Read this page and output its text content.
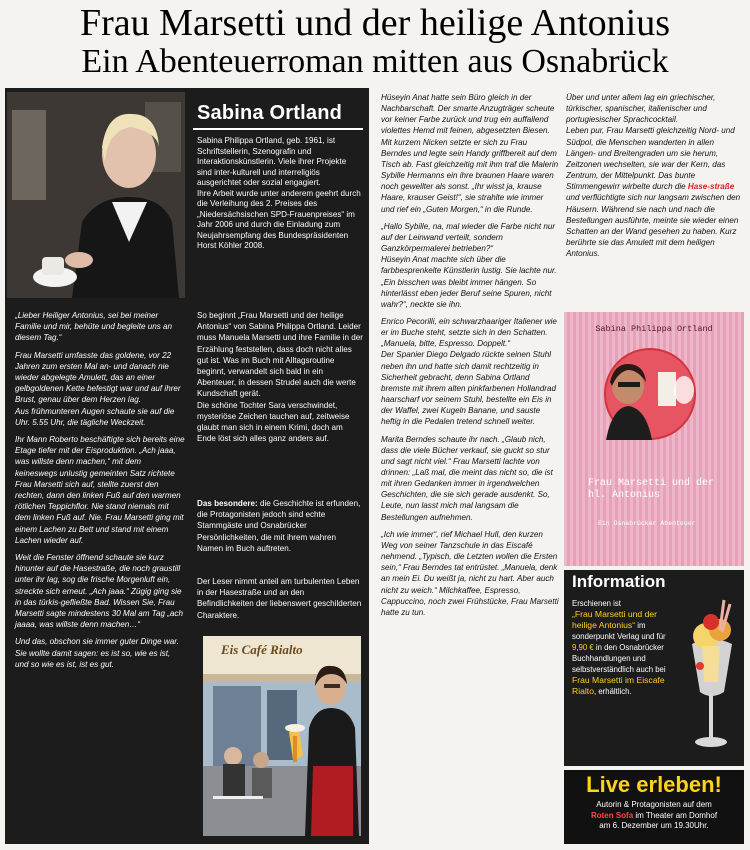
Frau Marsetti und der heilige Antonius
Ein Abenteuerroman mitten aus Osnabrück
Sabina Ortland

Sabina Philippa Ortland, geb. 1961, ist Schriftstellerin, Szenografin und Interaktionskünstlerin. Viele ihrer Projekte sind inter-kulturell und interreligiös ausgerichtet oder sozial engagiert.

Ihre Arbeit wurde unter anderem geehrt durch die Verleihung des 2. Preises des „Niedersächsischen SPD-Frauenpreises“ im Jahr 2006 und durch die Einladung zum Neujahrsempfang des Bundespräsidenten Horst Köhler 2008.

„Lieber Heiliger Antonius, sei bei meiner Familie und mir, behüte und begleite uns an diesem Tag.“

Frau Marsetti umfasste das goldene, vor 22 Jahren zum ersten Mal an- und danach nie wieder abgelegte Amulett, das an einer gelbgoldenen Kette befestigt war und auf ihrer Brust, genau über dem Herzen lag.

Aus frühmunteren Augen schaute sie auf die Uhr. 5.55 Uhr, die tägliche Weckzeit.

Ihr Mann Roberto beschäftigte sich bereits eine Etage tiefer mit der Eisproduktion. „Ach jaaa, was willste denn machen,“ mit dem keineswegs unlustig gemeinten Satz richtete Frau Marsetti sich auf, stellte zuerst den rechten, dann den linken Fuß auf den warmen rötlichen Teppichflor. Nie stand niemals mit dem linken Fuß auf. Nie. Frau Marsetti ging mit einem Lachen zu Bett und stand mit einem Lachen wieder auf.

Weit die Fenster öffnend schaute sie kurz hinunter auf die Hasestraße, die noch graustill unter ihr lag, sog die frische Morgenluft ein, streckte sich erneut. „Ach jaaa.“ Zügig ging sie in das türkis-gefließte Bad. Wissen Sie, Frau Marsetti sagte mindestens 30 Mal am Tag „ach jaaaa, was willste denn machen…“

Und das, obschon sie immer guter Dinge war. Sie wollte damit sagen: es ist so, wie es ist, und so wie es ist, ist es gut.

So beginnt „Frau Marsetti und der heilige Antonius“ von Sabina Philippa Ortland. Leider muss Manuela Marsetti und ihre Familie in der Erzählung feststellen, dass doch nicht alles gut ist. Was im Buch mit Alltagsroutine beginnt, verwandelt sich bald in ein Abenteuer, in dessen Strudel auch die werte Kundschaft gerät.

Die schöne Tochter Sara verschwindet, mysteriöse Zeichen tauchen auf, zeitweise glaubt man sich in einem Krimi, doch am Ende löst sich alles ganz anders auf.

Das besondere: die Geschichte ist erfunden, die Protagonisten jedoch sind echte Stammgäste und Osnabrücker Persönlichkeiten, die mit ihrem wahren Namen im Buch auftreten.
Der Leser nimmt anteil am turbulenten Leben in der Hasestraße und an den Befindlichkeiten der liebenswert geschilderten Charaktere.
Eis Café Rialto

Hüseyin Anat hatte sein Büro gleich in der Nachbarschaft. Der smarte Anzugträger scheute vor keiner Farbe zurück und trug ein auffallend violettes Hemd mit feinen, abgesetzten Biesen. Mit kurzem Nicken setzte er sich zu Frau Berndes und legte sein Handy griffbereit auf dem Tisch ab. Fast gleichzeitig mit ihm traf die Malerin Sybille Hermanns ein ihre braunen Haare waren noch gewellter als sonst. „Ihr wisst ja, krause Haare, krauser Geist!“, sie strahlte wie immer und rief ein „Guten Morgen,“ in die Runde.

„Hallo Sybille, na, mal wieder die Farbe nicht nur auf der Leinwand verteilt, sondern Ganzkörpermalerei betrieben?“

Hüseyin Anat machte sich über die farbbesprenkelte Künstlerin lustig. Sie lachte nur. „Ein bisschen was bleibt immer hängen. So hinterlässt eben jeder Beruf seine Spuren, nicht wahr?“, neckte sie ihn.

Enrico Pecorilli, ein schwarzhaariger Italiener wie er im Buche steht, setzte sich in den Schatten. „Manuela, bitte, Espresso. Doppelt.“

Der Spanier Diego Delgado rückte seinen Stuhl neben ihn und hatte sich damit rechtzeitig in Sicherheit gebracht, denn Sabina Ortland bremste mit ihrem alten pinkfarbenen Hollandrad haarscharf vor seinem Stuhl, bestellte ein Eis in der Waffel, zwei Kugeln Banane, und sauste heftig in die Pedalen tretend schnell weiter.

Marita Berndes schaute ihr nach. „Glaub nich, dass die viele Bücher verkauf, sie guckt so stur und sagt nicht viel.“ Frau Marsetti lachte von drinnen: „Laß mal, die meint das nicht so, die ist mit ihren Gedanken immer in irgendwelchen Geschichten, die sie sich gerade ausdenkt. So, Leute, nun lasst mich mal langsam die Bestellungen aufnehmen.

„Ich wie immer“, rief Michael Hull, den kurzen Weg von seiner Tanzschule in das Eiscafé nehmend. „Typisch, die Letzten wollen die Ersten sein,“ Frau Berndes tat entrüstet. „Manuela, denk an mein Ei. Du weißt ja, nicht zu hart. Aber auch nicht zu weich.“ Milchkaffee, Espresso, Cappuccino, noch zwei Frühstücke, Frau Marsetti hatte zu tun.

Über und unter allem lag ein griechischer, türkischer, spanischer, italienischer und portugiesischer Sprachcocktail.

Leben pur, Frau Marsetti gleichzeitig Nord- und Südpol, die Menschen wanderten in allen Längen- und Breitengraden um sie herum, Zeitzonen wechselten, sie war der Kern, das Zentrum, der Mittelpunkt. Das bunte Stimmengewirr wirbelte durch die Hase-straße und verflüchtigte sich nur langsam zwischen den Häusern. Während sie nach und nach die Bestellungen ausführte, meinte sie wieder einen Schatten an der Wand gesehen zu haben. Kurz berührte sie das Amulett mit dem heiligen Antonius.

Sabina Philippa Ortland
Frau Marsetti und der hl. Antonius
Ein Osnabrücker Abenteuer
Information
Erschienen ist
„Frau Marsetti und der heilige Antonius“ im sonderpunkt Verlag und für 9,90 € in den Osnabrücker Buchhandlungen und selbstverständlich auch bei Frau Marsetti im Eiscafe Rialto, erhältlich.
Live erleben!
Autorin & Protagonisten auf dem
Roten Sofa im Theater am Domhof
am 6. Dezember um 19.30Uhr.
